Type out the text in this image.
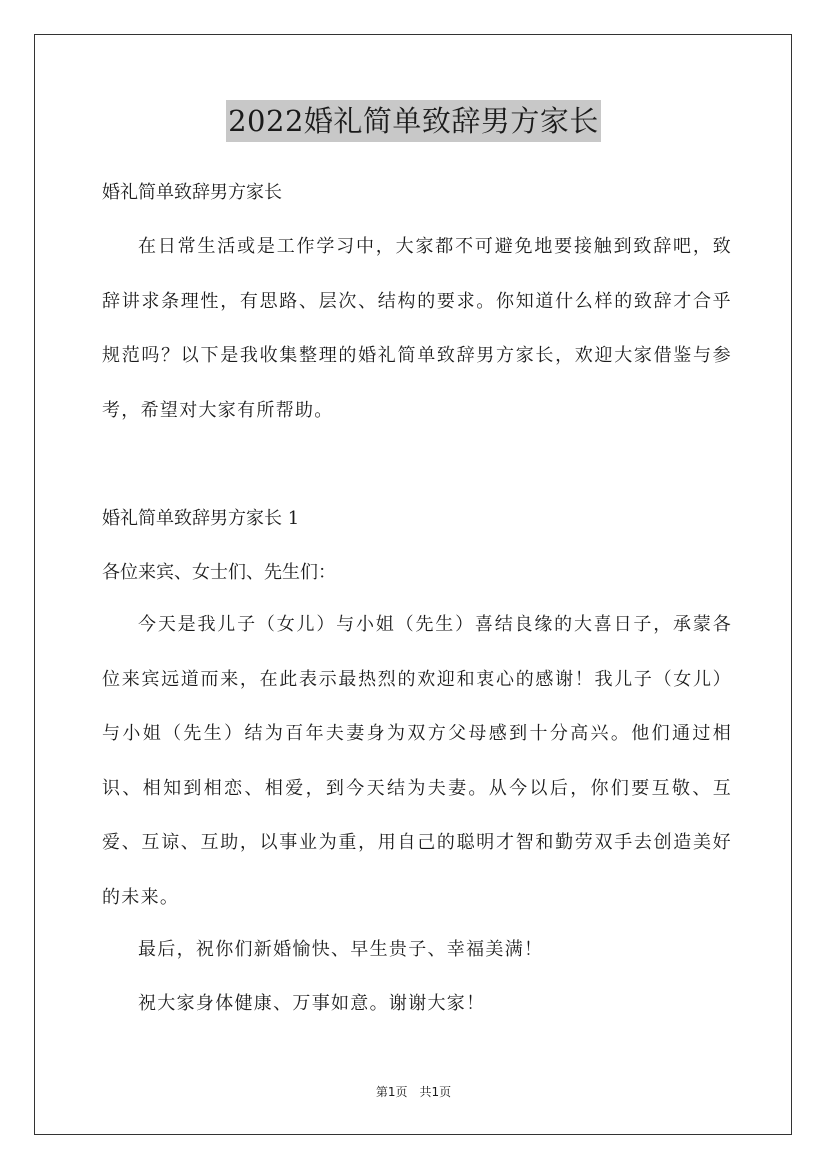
2022婚礼简单致辞男方家长
婚礼简单致辞男方家长

在日常生活或是工作学习中，大家都不可避免地要接触到致辞吧，致辞讲求条理性，有思路、层次、结构的要求。你知道什么样的致辞才合乎规范吗？以下是我收集整理的婚礼简单致辞男方家长，欢迎大家借鉴与参考，希望对大家有所帮助。

婚礼简单致辞男方家长 1
各位来宾、女士们、先生们：

今天是我儿子（女儿）与小姐（先生）喜结良缘的大喜日子，承蒙各位来宾远道而来，在此表示最热烈的欢迎和衷心的感谢！我儿子（女儿）与小姐（先生）结为百年夫妻身为双方父母感到十分高兴。他们通过相识、相知到相恋、相爱，到今天结为夫妻。从今以后，你们要互敬、互爱、互谅、互助，以事业为重，用自己的聪明才智和勤劳双手去创造美好的未来。

最后，祝你们新婚愉快、早生贵子、幸福美满！
祝大家身体健康、万事如意。谢谢大家！
第1页　共1页
